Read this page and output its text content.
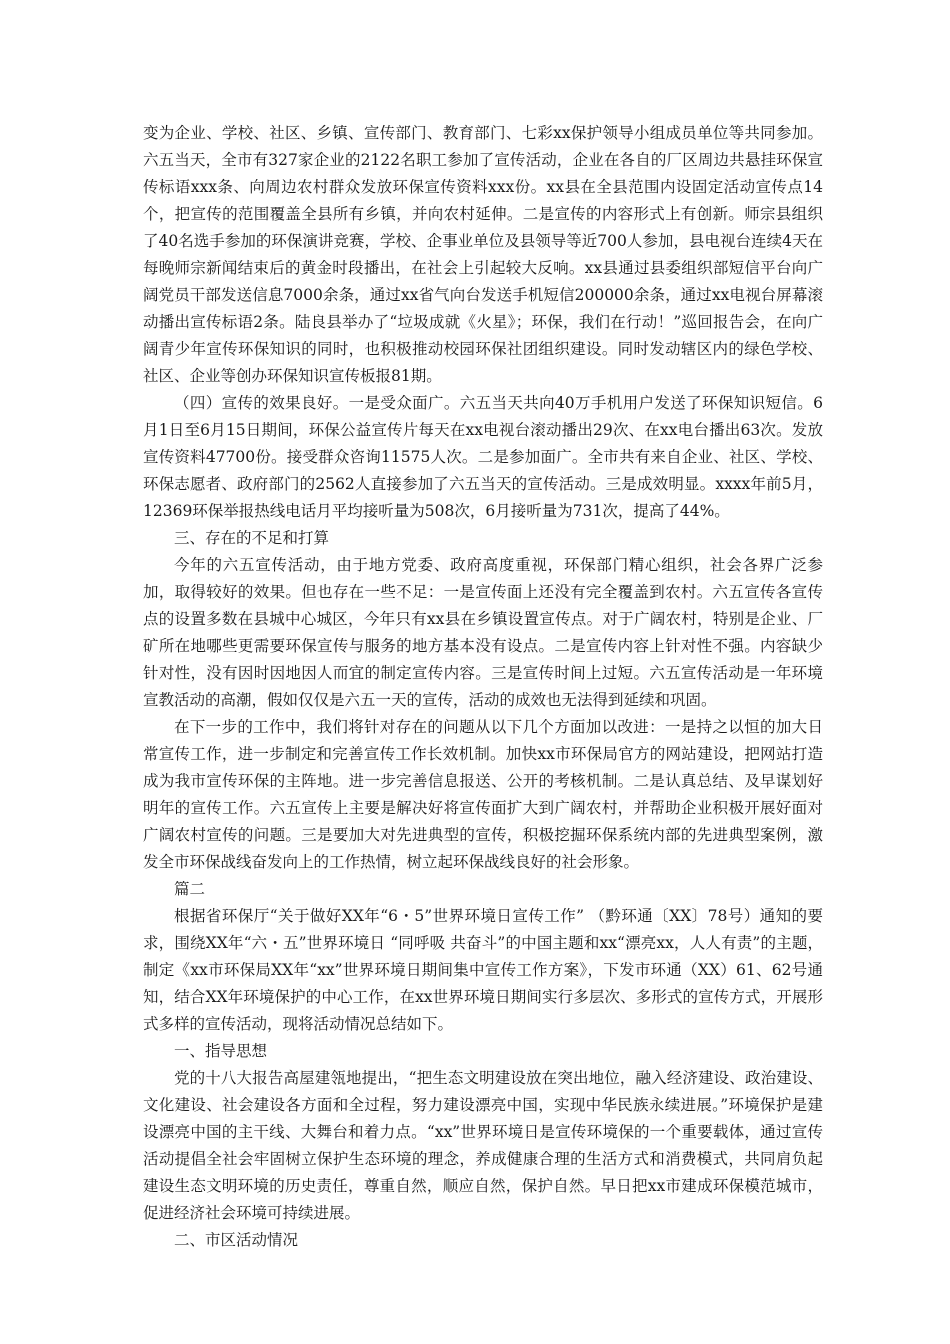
变为企业、学校、社区、乡镇、宣传部门、教育部门、七彩xx保护领导小组成员单位等共同参加。六五当天，全市有327家企业的2122名职工参加了宣传活动，企业在各自的厂区周边共悬挂环保宣传标语xxx条、向周边农村群众发放环保宣传资料xxx份。xx县在全县范围内设固定活动宣传点14个，把宣传的范围覆盖全县所有乡镇，并向农村延伸。二是宣传的内容形式上有创新。师宗县组织了40名选手参加的环保演讲竞赛，学校、企事业单位及县领导等近700人参加，县电视台连续4天在每晚师宗新闻结束后的黄金时段播出，在社会上引起较大反响。xx县通过县委组织部短信平台向广阔党员干部发送信息7000余条，通过xx省气向台发送手机短信200000余条，通过xx电视台屏幕滚动播出宣传标语2条。陆良县举办了“垃圾成就《火星》；环保，我们在行动！”巡回报告会，在向广阔青少年宣传环保知识的同时，也积极推动校园环保社团组织建设。同时发动辖区内的绿色学校、社区、企业等创办环保知识宣传板报81期。

（四）宣传的效果良好。一是受众面广。六五当天共向40万手机用户发送了环保知识短信。6月1日至6月15日期间，环保公益宣传片每天在xx电视台滚动播出29次、在xx电台播出63次。发放宣传资料47700份。接受群众咨询11575人次。二是参加面广。全市共有来自企业、社区、学校、环保志愿者、政府部门的2562人直接参加了六五当天的宣传活动。三是成效明显。xxxx年前5月，12369环保举报热线电话月平均接听量为508次，6月接听量为731次，提高了44%。

三、存在的不足和打算

今年的六五宣传活动，由于地方党委、政府高度重视，环保部门精心组织，社会各界广泛参加，取得较好的效果。但也存在一些不足：一是宣传面上还没有完全覆盖到农村。六五宣传各宣传点的设置多数在县城中心城区，今年只有xx县在乡镇设置宣传点。对于广阔农村，特别是企业、厂矿所在地哪些更需要环保宣传与服务的地方基本没有设点。二是宣传内容上针对性不强。内容缺少针对性，没有因时因地因人而宜的制定宣传内容。三是宣传时间上过短。六五宣传活动是一年环境宣教活动的高潮，假如仅仅是六五一天的宣传，活动的成效也无法得到延续和巩固。

在下一步的工作中，我们将针对存在的问题从以下几个方面加以改进：一是持之以恒的加大日常宣传工作，进一步制定和完善宣传工作长效机制。加快xx市环保局官方的网站建设，把网站打造成为我市宣传环保的主阵地。进一步完善信息报送、公开的考核机制。二是认真总结、及早谋划好明年的宣传工作。六五宣传上主要是解决好将宣传面扩大到广阔农村，并帮助企业积极开展好面对广阔农村宣传的问题。三是要加大对先进典型的宣传，积极挖掘环保系统内部的先进典型案例，激发全市环保战线奋发向上的工作热情，树立起环保战线良好的社会形象。

篇二

根据省环保厅“关于做好XX年“6・5”世界环境日宣传工作” （黔环通〔XX〕78号）通知的要求，围绕XX年“六・五”世界环境日 “同呼吸 共奋斗”的中国主题和xx“漂亮xx，人人有责”的主题，制定《xx市环保局XX年“xx”世界环境日期间集中宣传工作方案》，下发市环通（XX）61、62号通知，结合XX年环境保护的中心工作，在xx世界环境日期间实行多层次、多形式的宣传方式，开展形式多样的宣传活动，现将活动情况总结如下。

一、指导思想

党的十八大报告高屋建瓴地提出，“把生态文明建设放在突出地位，融入经济建设、政治建设、文化建设、社会建设各方面和全过程，努力建设漂亮中国，实现中华民族永续进展。”环境保护是建设漂亮中国的主干线、大舞台和着力点。“xx”世界环境日是宣传环境保的一个重要载体，通过宣传活动提倡全社会牢固树立保护生态环境的理念，养成健康合理的生活方式和消费模式，共同肩负起建设生态文明环境的历史责任，尊重自然，顺应自然，保护自然。早日把xx市建成环保模范城市，促进经济社会环境可持续进展。

二、市区活动情况
